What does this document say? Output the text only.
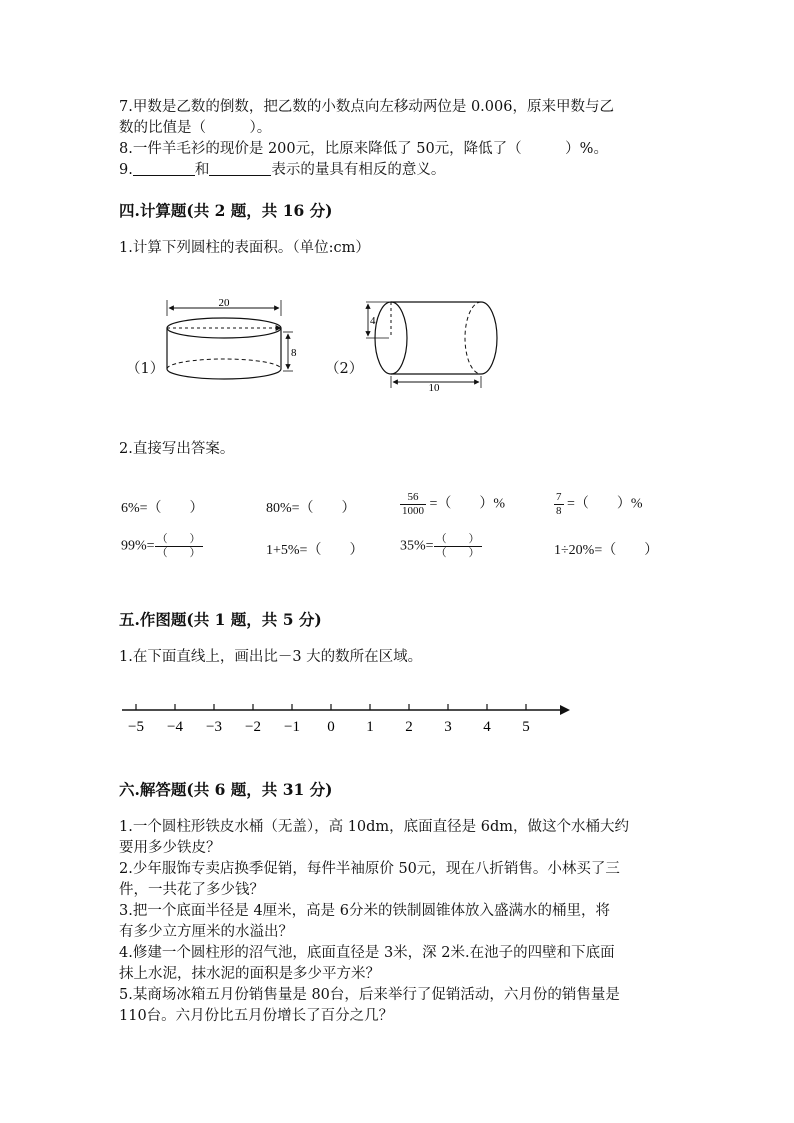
7.甲数是乙数的倒数，把乙数的小数点向左移动两位是 0.006，原来甲数与乙
数的比值是（　　　）。
8.一件羊毛衫的现价是 200元，比原来降低了 50元，降低了（　　　）%。
9.	和	表示的量具有相反的意义。
四.计算题(共 2 题，共 16 分)
1.计算下列圆柱的表面积。（单位:cm）
（1）
20
8
（2）
4
10
2.直接写出答案。
6%=（　　）	80%=（　　）	$\frac{56}{1000}$ =（　　）%	$\frac{7}{8}$ =（　　）%
$99\%= \frac{( )}{( )}$	1+5%=（　　）	$35\%= \frac{( )}{( )}$	1÷20%=（　　）
五.作图题(共 1 题，共 5 分)
1.在下面直线上，画出比－3 大的数所在区域。
−5 −4 −3 −2 −1 0 1 2 3 4 5
六.解答题(共 6 题，共 31 分)
1.一个圆柱形铁皮水桶（无盖），高 10dm，底面直径是 6dm，做这个水桶大约
要用多少铁皮？
2.少年服饰专卖店换季促销，每件半袖原价 50元，现在八折销售。小林买了三
件，一共花了多少钱？
3.把一个底面半径是 4厘米，高是 6分米的铁制圆锥体放入盛满水的桶里，将
有多少立方厘米的水溢出？
4.修建一个圆柱形的沼气池，底面直径是 3米，深 2米.在池子的四壁和下底面
抹上水泥，抹水泥的面积是多少平方米？
5.某商场冰箱五月份销售量是 80台，后来举行了促销活动，六月份的销售量是
110台。六月份比五月份增长了百分之几？
